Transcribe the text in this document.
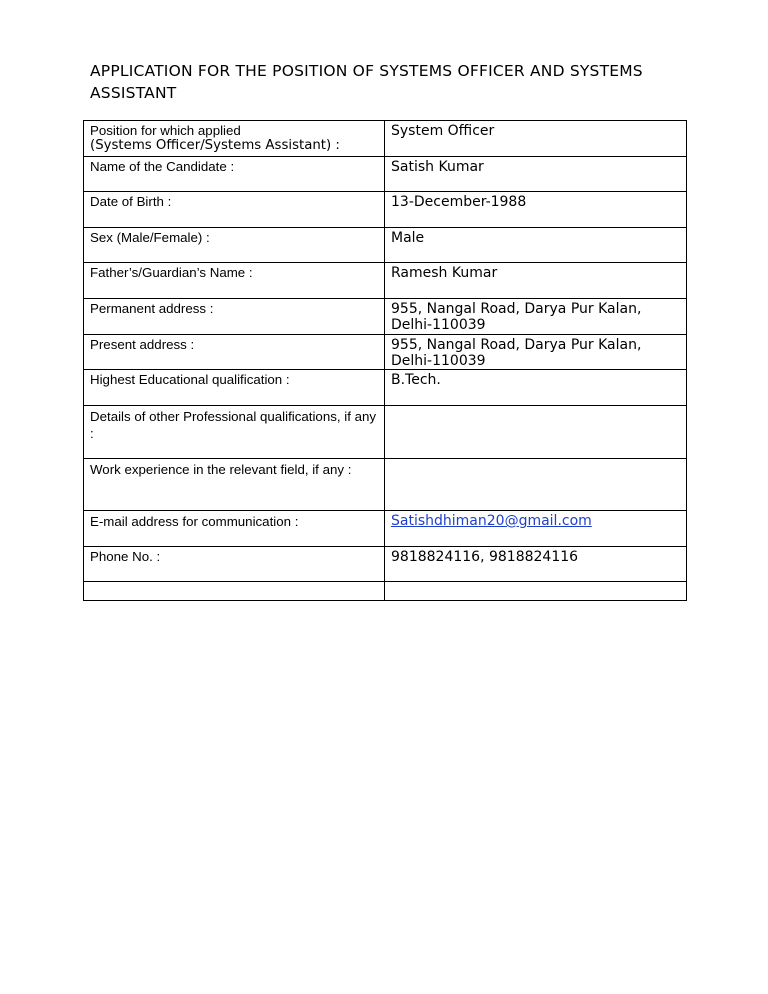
APPLICATION FOR THE POSITION OF SYSTEMS OFFICER AND SYSTEMS ASSISTANT
Position for which applied
(Systems Officer/Systems Assistant) :	System Officer

Name of the Candidate :	Satish Kumar

Date of Birth :	13-December-1988

Sex (Male/Female) :	Male

Father’s/Guardian’s Name :	Ramesh Kumar

Permanent address :	955, Nangal Road, Darya Pur Kalan, Delhi-110039

Present address :	955, Nangal Road, Darya Pur Kalan, Delhi-110039

Highest Educational qualification :	B.Tech.

Details of other Professional qualifications, if any :	

Work experience in the relevant field, if any :	

E-mail address for communication :	Satishdhiman20@gmail.com

Phone No. :	9818824116, 9818824116
